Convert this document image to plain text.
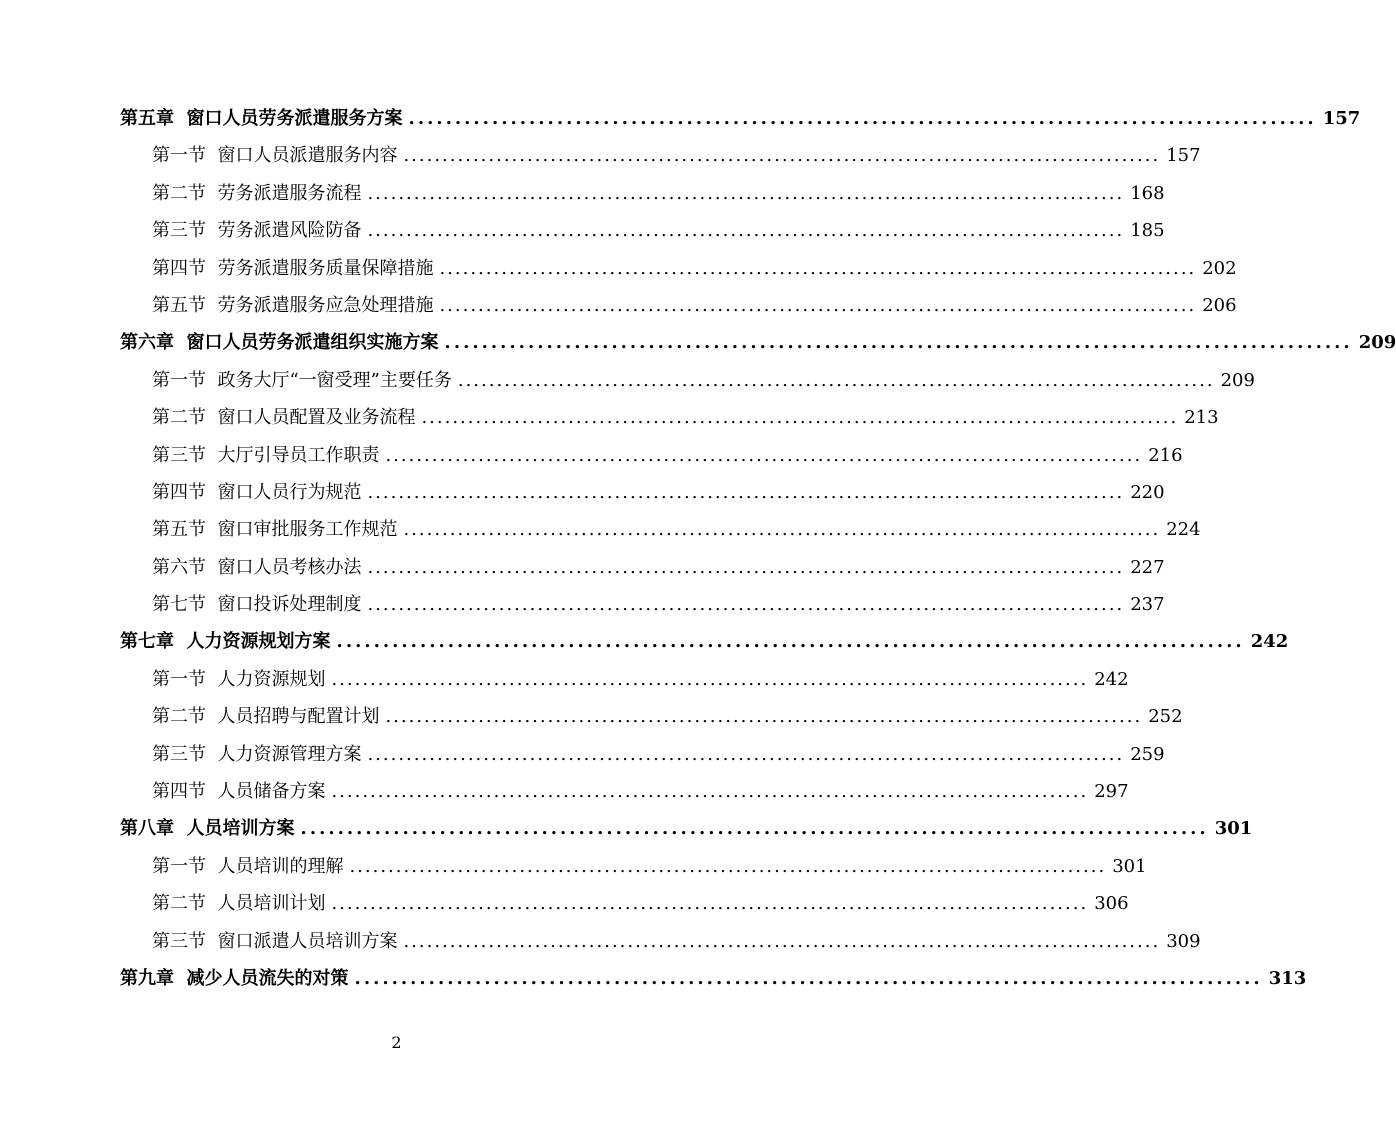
第五章 窗口人员劳务派遣服务方案 .................................................................................................. 157
第一节 窗口人员派遣服务内容 .................................................................................................. 157
第二节 劳务派遣服务流程 .................................................................................................. 168
第三节 劳务派遣风险防备 .................................................................................................. 185
第四节 劳务派遣服务质量保障措施 .................................................................................................. 202
第五节 劳务派遣服务应急处理措施 .................................................................................................. 206
第六章 窗口人员劳务派遣组织实施方案 .................................................................................................. 209
第一节 政务大厅“一窗受理”主要任务 .................................................................................................. 209
第二节 窗口人员配置及业务流程 .................................................................................................. 213
第三节 大厅引导员工作职责 .................................................................................................. 216
第四节 窗口人员行为规范 .................................................................................................. 220
第五节 窗口审批服务工作规范 .................................................................................................. 224
第六节 窗口人员考核办法 .................................................................................................. 227
第七节 窗口投诉处理制度 .................................................................................................. 237
第七章 人力资源规划方案 .................................................................................................. 242
第一节 人力资源规划 .................................................................................................. 242
第二节 人员招聘与配置计划 .................................................................................................. 252
第三节 人力资源管理方案 .................................................................................................. 259
第四节 人员储备方案 .................................................................................................. 297
第八章 人员培训方案 .................................................................................................. 301
第一节 人员培训的理解 .................................................................................................. 301
第二节 人员培训计划 .................................................................................................. 306
第三节 窗口派遣人员培训方案 .................................................................................................. 309
第九章 减少人员流失的对策 .................................................................................................. 313
2
